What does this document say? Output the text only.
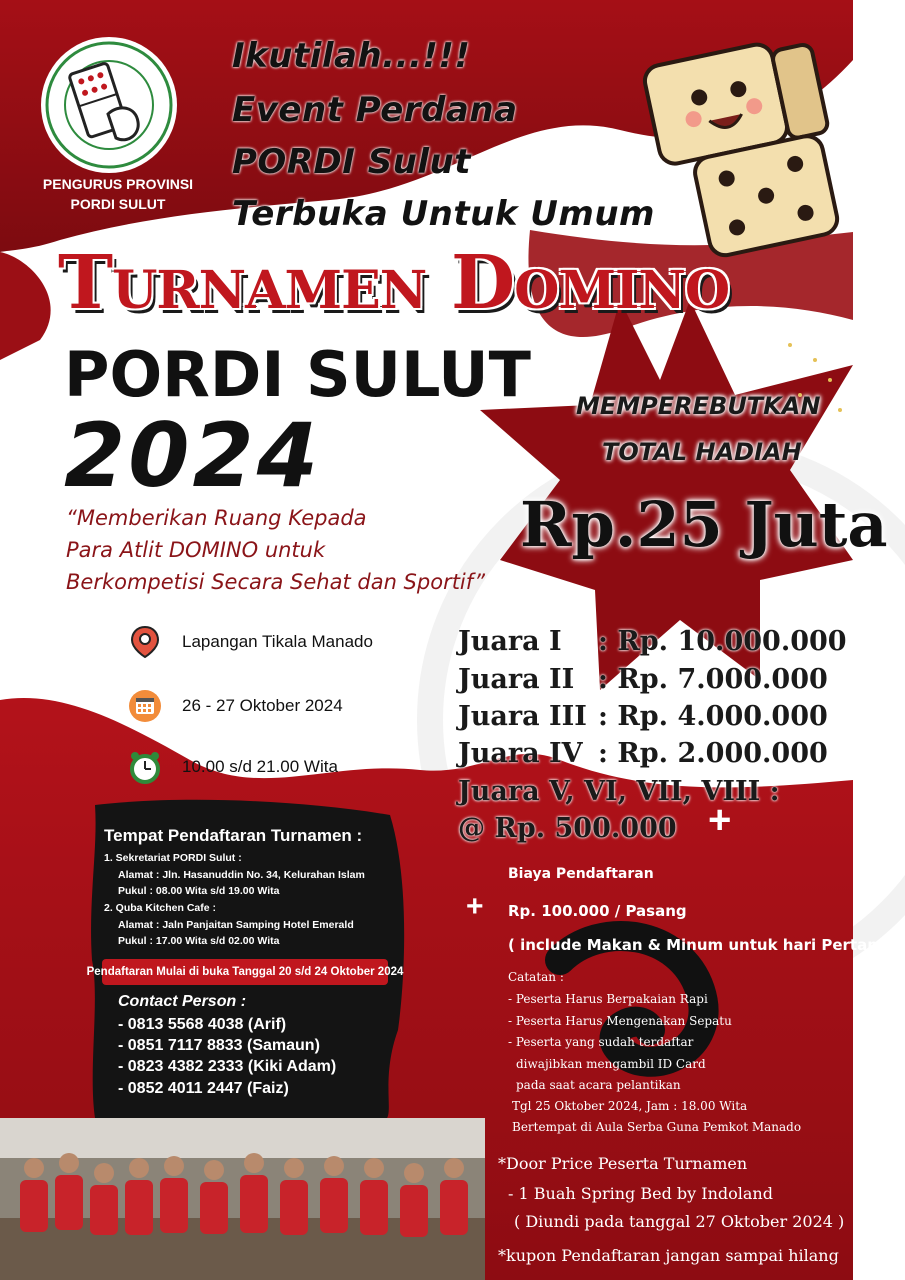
PENGURUS PROVINSI
PORDI SULUT
Ikutilah...!!!
Event Perdana
PORDI Sulut
Terbuka Untuk Umum
Turnamen Domino
PORDI SULUT
2024
“Memberikan Ruang Kepada
Para Atlit DOMINO untuk
Berkompetisi Secara Sehat dan Sportif”
MEMPEREBUTKAN
TOTAL HADIAH
Rp.25 Juta
Lapangan Tikala Manado
26 - 27 Oktober 2024
10.00 s/d 21.00 Wita
Juara I : Rp. 10.000.000
Juara II : Rp. 7.000.000
Juara III : Rp. 4.000.000
Juara IV : Rp. 2.000.000
Juara V, VI, VII, VIII :
@ Rp. 500.000 +
Tempat Pendaftaran Turnamen :
1. Sekretariat PORDI Sulut :
Alamat : Jln. Hasanuddin No. 34, Kelurahan Islam
Pukul : 08.00 Wita s/d 19.00 Wita
2. Quba Kitchen Cafe :
Alamat : Jaln Panjaitan Samping Hotel Emerald
Pukul : 17.00 Wita s/d 02.00 Wita
Pendaftaran Mulai di buka Tanggal 20 s/d 24 Oktober 2024
Contact Person :
- 0813 5568 4038 (Arif)
- 0851 7117 8833 (Samaun)
- 0823 4382 2333 (Kiki Adam)
- 0852 4011 2447 (Faiz)
+
Biaya Pendaftaran
Rp. 100.000 / Pasang
( include Makan & Minum untuk hari Pertama )
Catatan :
- Peserta Harus Berpakaian Rapi
- Peserta Harus Mengenakan Sepatu
- Peserta yang sudah terdaftar
diwajibkan mengambil ID Card
pada saat acara pelantikan
Tgl 25 Oktober 2024, Jam : 18.00 Wita
Bertempat di Aula Serba Guna Pemkot Manado
*Door Price Peserta Turnamen
- 1 Buah Spring Bed by Indoland
( Diundi pada tanggal 27 Oktober 2024 )
*kupon Pendaftaran jangan sampai hilang
